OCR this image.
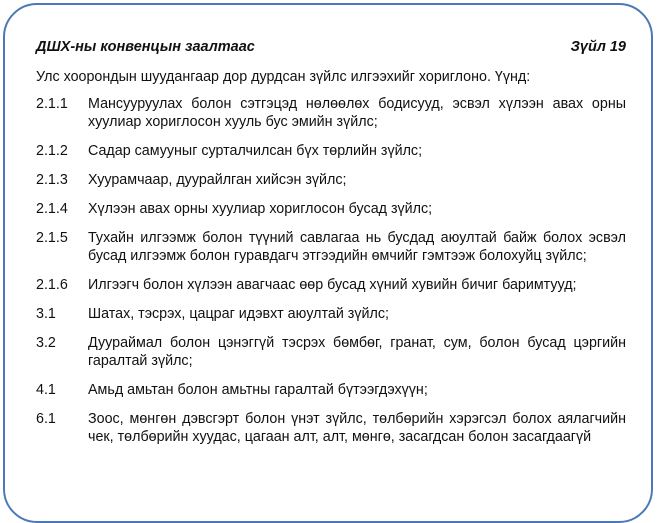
ДШХ-ны конвенцын заалтаас	Зүйл 19
Улс хоорондын шуудангаар дор дурдсан зүйлс илгээхийг хориглоно. Үүнд:
2.1.1	Мансууруулах болон сэтгэцэд нөлөөлөх бодисууд, эсвэл хүлээн авах орны хуулиар хориглосон хууль бус эмийн зүйлс;
2.1.2	Садар самууныг сурталчилсан бүх төрлийн зүйлс;
2.1.3	Хуурамчаар, дуурайлган хийсэн зүйлс;
2.1.4	Хүлээн авах орны хуулиар хориглосон бусад зүйлс;
2.1.5	Тухайн илгээмж болон түүний савлагаа нь бусдад аюултай байж болох эсвэл бусад илгээмж болон гуравдагч этгээдийн өмчийг гэмтээж болохуйц зүйлс;
2.1.6	Илгээгч болон хүлээн авагчаас өөр бусад хүний хувийн бичиг баримтууд;
3.1	Шатах, тэсрэх, цацраг идэвхт аюултай зүйлс;
3.2	Дуураймал болон цэнэггүй тэсрэх бөмбөг, гранат, сум, болон бусад цэргийн гаралтай зүйлс;
4.1	Амьд амьтан болон амьтны гаралтай бүтээгдэхүүн;
6.1	Зоос, мөнгөн дэвсгэрт болон үнэт зүйлс, төлбөрийн хэрэгсэл болох аялагчийн чек, төлбөрийн хуудас, цагаан алт, алт, мөнгө, засагдсан болон засагдаагүй
